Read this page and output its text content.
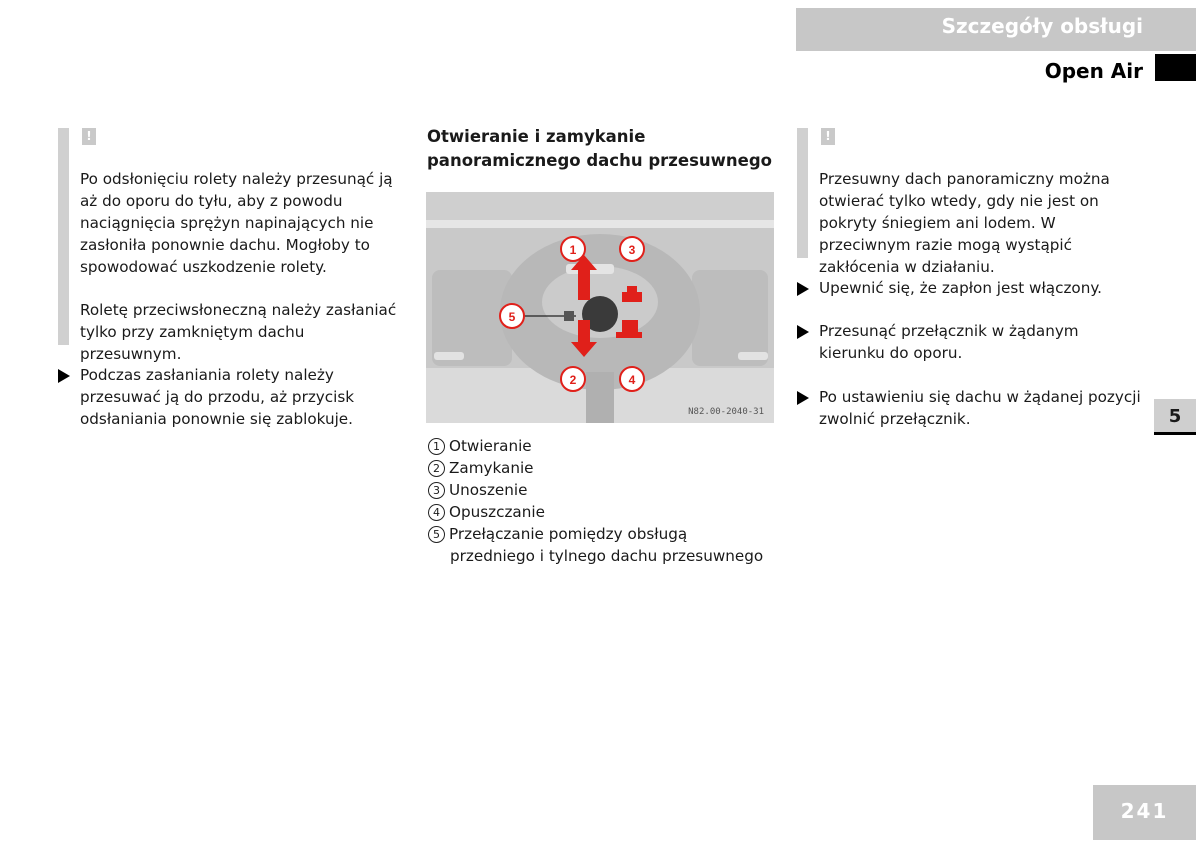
Szczegóły obsługi
Open Air
!
Po odsłonięciu rolety należy przesunąć ją aż do oporu do tyłu, aby z powodu naciągnięcia sprężyn napinających nie zasłoniła ponownie dachu. Mogłoby to spowodować uszkodzenie rolety.
Roletę przeciwsłoneczną należy zasłaniać tylko przy zamkniętym dachu przesuwnym.
Podczas zasłaniania rolety należy przesuwać ją do przodu, aż przycisk odsłaniania ponownie się zablokuje.
Otwieranie i zamykanie panoramicznego dachu przesuwnego
1	3
5
2	4
N82.00-2040-31
1 Otwieranie
2 Zamykanie
3 Unoszenie
4 Opuszczanie
5 Przełączanie pomiędzy obsługą przedniego i tylnego dachu przesuwnego
!
Przesuwny dach panoramiczny można otwierać tylko wtedy, gdy nie jest on pokryty śniegiem ani lodem. W przeciwnym razie mogą wystąpić zakłócenia w działaniu.
Upewnić się, że zapłon jest włączony.
Przesunąć przełącznik w żądanym kierunku do oporu.
Po ustawieniu się dachu w żądanej pozycji zwolnić przełącznik.	5
241
